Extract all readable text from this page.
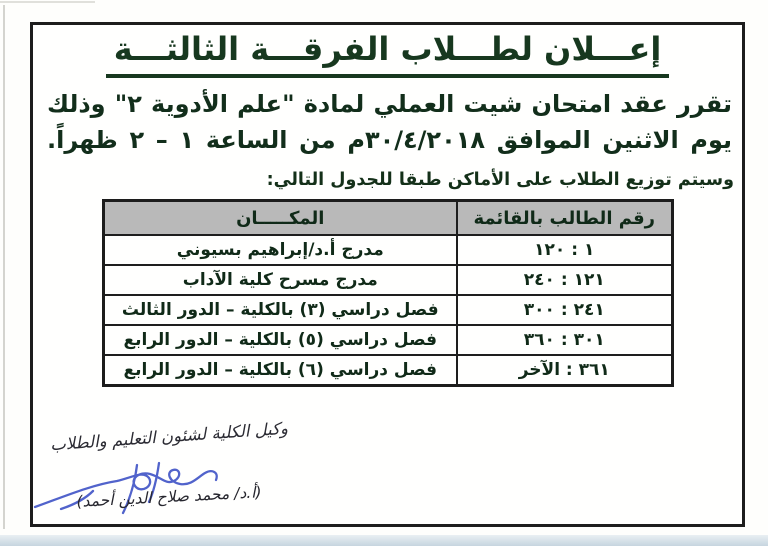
إعـــلان لطـــلاب الفرقـــة الثالثـــة
تقرر عقد امتحان شيت العملي لمادة "علم الأدوية ٢" وذلك يوم الاثنين الموافق ٣٠/٤/٢٠١٨م من الساعة ١ – ٢ ظهراً.
وسيتم توزيع الطلاب على الأماكن طبقا للجدول التالي:
رقم الطالب بالقائمة	المكـــــان
١ : ١٢٠	مدرج أ.د/إبراهيم بسيوني
١٢١ : ٢٤٠	مدرج مسرح كلية الآداب
٢٤١ : ٣٠٠	فصل دراسي (٣) بالكلية – الدور الثالث
٣٠١ : ٣٦٠	فصل دراسي (٥) بالكلية – الدور الرابع
٣٦١ : الآخر	فصل دراسي (٦) بالكلية – الدور الرابع
وكيل الكلية لشئون التعليم والطلاب
(أ.د/ محمد صلاح الدين أحمد)
